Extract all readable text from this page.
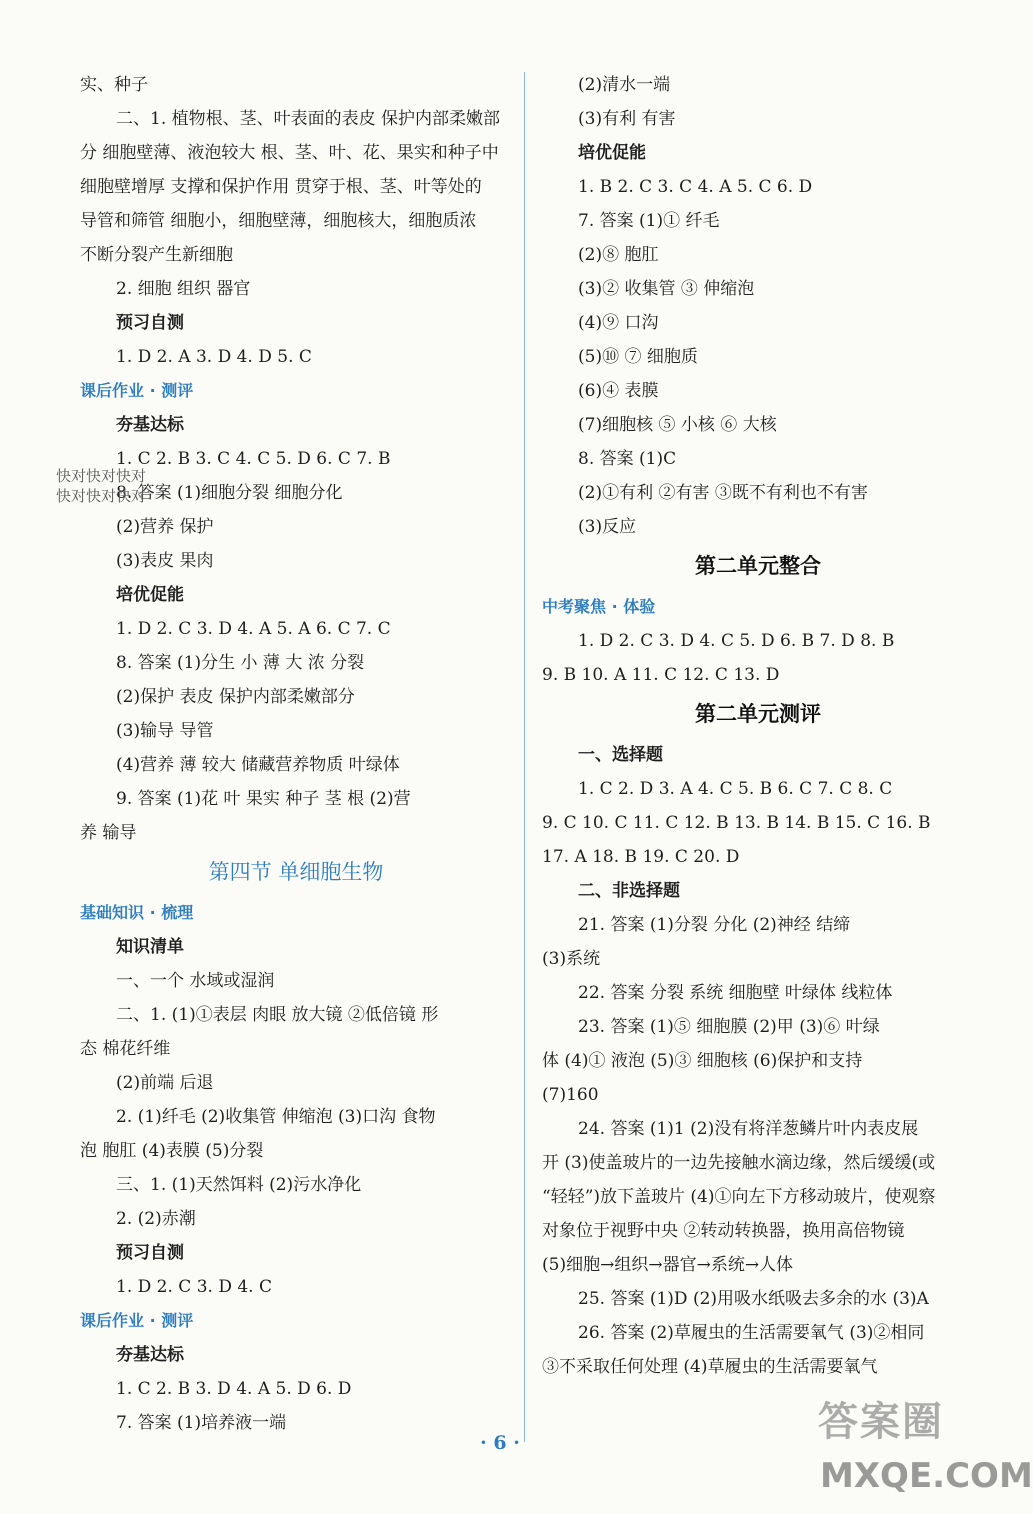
实、种子
二、1. 植物根、茎、叶表面的表皮 保护内部柔嫩部
分 细胞壁薄、液泡较大 根、茎、叶、花、果实和种子中
细胞壁增厚 支撑和保护作用 贯穿于根、茎、叶等处的
导管和筛管 细胞小，细胞壁薄，细胞核大，细胞质浓
不断分裂产生新细胞
2. 细胞 组织 器官
预习自测
1. D 2. A 3. D 4. D 5. C
课后作业 · 测评
夯基达标
1. C 2. B 3. C 4. C 5. D 6. C 7. B
8. 答案 (1)细胞分裂 细胞分化
(2)营养 保护
(3)表皮 果肉
培优促能
1. D 2. C 3. D 4. A 5. A 6. C 7. C
8. 答案 (1)分生 小 薄 大 浓 分裂
(2)保护 表皮 保护内部柔嫩部分
(3)输导 导管
(4)营养 薄 较大 储藏营养物质 叶绿体
9. 答案 (1)花 叶 果实 种子 茎 根 (2)营
养 输导
第四节 单细胞生物
基础知识 · 梳理
知识清单
一、一个 水域或湿润
二、1. (1)①表层 肉眼 放大镜 ②低倍镜 形
态 棉花纤维
(2)前端 后退
2. (1)纤毛 (2)收集管 伸缩泡 (3)口沟 食物
泡 胞肛 (4)表膜 (5)分裂
三、1. (1)天然饵料 (2)污水净化
2. (2)赤潮
预习自测
1. D 2. C 3. D 4. C
课后作业 · 测评
夯基达标
1. C 2. B 3. D 4. A 5. D 6. D
7. 答案 (1)培养液一端
(2)清水一端
(3)有利 有害
培优促能
1. B 2. C 3. C 4. A 5. C 6. D
7. 答案 (1)① 纤毛
(2)⑧ 胞肛
(3)② 收集管 ③ 伸缩泡
(4)⑨ 口沟
(5)⑩ ⑦ 细胞质
(6)④ 表膜
(7)细胞核 ⑤ 小核 ⑥ 大核
8. 答案 (1)C
(2)①有利 ②有害 ③既不有利也不有害
(3)反应
第二单元整合
中考聚焦 · 体验
1. D 2. C 3. D 4. C 5. D 6. B 7. D 8. B
9. B 10. A 11. C 12. C 13. D
第二单元测评
一、选择题
1. C 2. D 3. A 4. C 5. B 6. C 7. C 8. C
9. C 10. C 11. C 12. B 13. B 14. B 15. C 16. B
17. A 18. B 19. C 20. D
二、非选择题
21. 答案 (1)分裂 分化 (2)神经 结缔
(3)系统
22. 答案 分裂 系统 细胞壁 叶绿体 线粒体
23. 答案 (1)⑤ 细胞膜 (2)甲 (3)⑥ 叶绿
体 (4)① 液泡 (5)③ 细胞核 (6)保护和支持
(7)160
24. 答案 (1)1 (2)没有将洋葱鳞片叶内表皮展
开 (3)使盖玻片的一边先接触水滴边缘，然后缓缓(或
“轻轻”)放下盖玻片 (4)①向左下方移动玻片，使观察
对象位于视野中央 ②转动转换器，换用高倍物镜
(5)细胞→组织→器官→系统→人体
25. 答案 (1)D (2)用吸水纸吸去多余的水 (3)A
26. 答案 (2)草履虫的生活需要氧气 (3)②相同
③不采取任何处理 (4)草履虫的生活需要氧气
快对快对快对
快对快对快对
· 6 ·	答案圈
MXQE.COM
